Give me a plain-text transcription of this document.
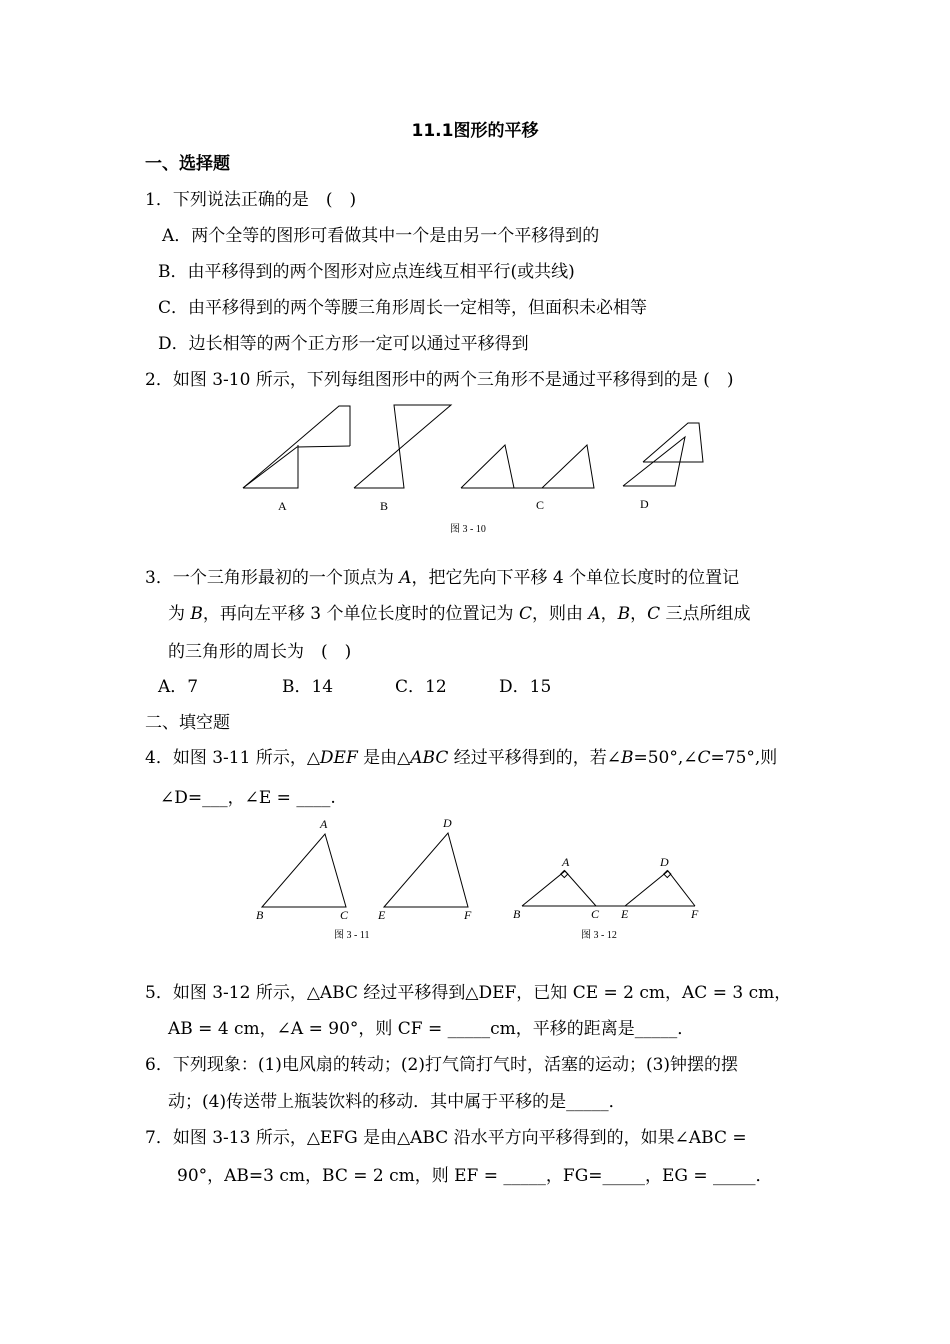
11.1图形的平移
一、选择题
1．下列说法正确的是　(　)
A．两个全等的图形可看做其中一个是由另一个平移得到的
B．由平移得到的两个图形对应点连线互相平行(或共线)
C．由平移得到的两个等腰三角形周长一定相等，但面积未必相等
D．边长相等的两个正方形一定可以通过平移得到
2．如图 3-10 所示，下列每组图形中的两个三角形不是通过平移得到的是 (　)
A	B	C	D
图 3 - 10
3．一个三角形最初的一个顶点为 A，把它先向下平移 4 个单位长度时的位置记
为 B，再向左平移 3 个单位长度时的位置记为 C，则由 A，B，C 三点所组成
的三角形的周长为　(　)
A．7	B．14	C．12	D．15
二、填空题
4．如图 3-11 所示，△DEF 是由△ABC 经过平移得到的，若∠B=50°,∠C=75°,则
∠D=___，∠E = ____.
A
B	C
D
E	F
图 3 - 11
A	D
B	C E	F
图 3 - 12
5．如图 3-12 所示，△ABC 经过平移得到△DEF，已知 CE = 2 cm，AC = 3 cm，
AB = 4 cm，∠A = 90°，则 CF = _____cm，平移的距离是_____．
6．下列现象：(1)电风扇的转动；(2)打气筒打气时，活塞的运动；(3)钟摆的摆
动；(4)传送带上瓶装饮料的移动．其中属于平移的是_____．
7．如图 3-13 所示，△EFG 是由△ABC 沿水平方向平移得到的，如果∠ABC =
90°，AB=3 cm，BC = 2 cm，则 EF = _____，FG=_____，EG = _____．
